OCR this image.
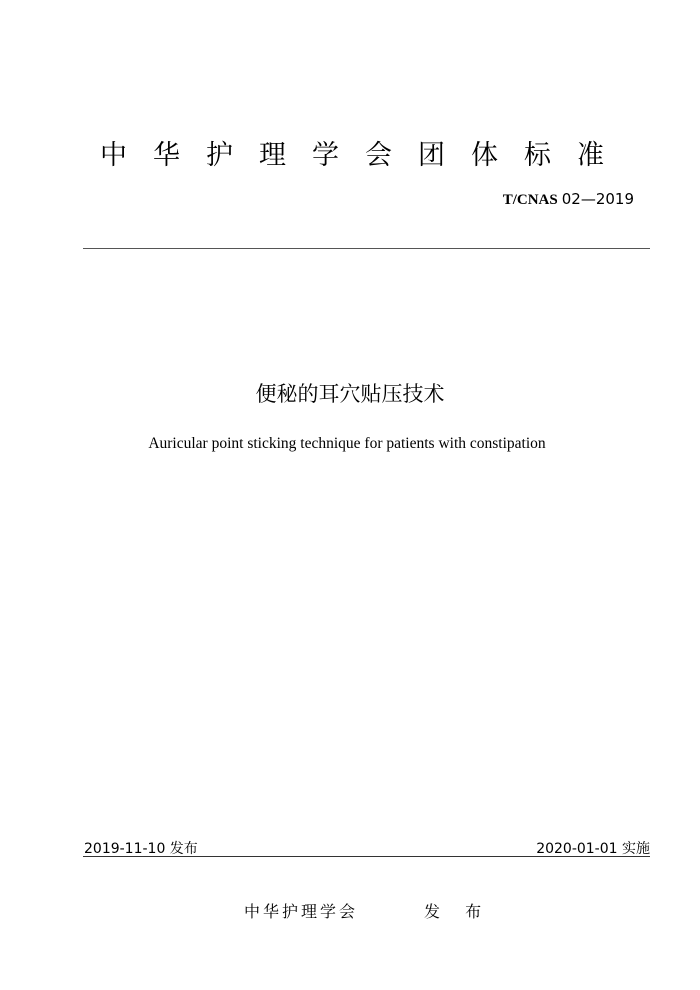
中华护理学会团体标准
T/CNAS 02—2019
便秘的耳穴贴压技术
Auricular point sticking technique for patients with constipation
2019-11-10 发布	2020-01-01 实施
中华护理学会	发 布
